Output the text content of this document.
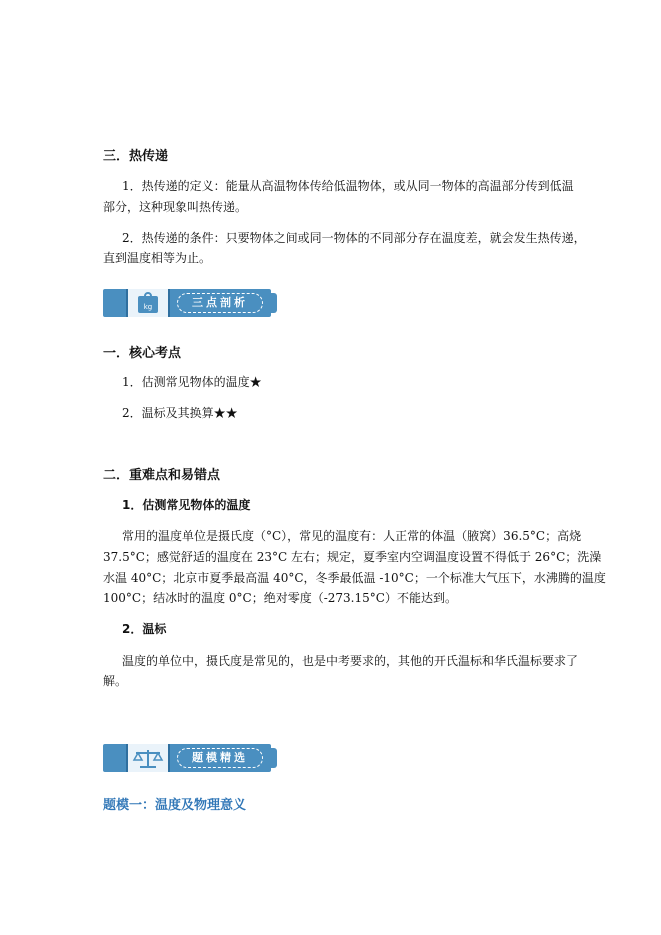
三．热传递
1．热传递的定义：能量从高温物体传给低温物体，或从同一物体的高温部分传到低温
部分，这种现象叫热传递。
2．热传递的条件：只要物体之间或同一物体的不同部分存在温度差，就会发生热传递，
直到温度相等为止。
kg	三点剖析
一．核心考点
1．估测常见物体的温度★
2．温标及其换算★★
二．重难点和易错点
1．估测常见物体的温度
常用的温度单位是摄氏度（°C），常见的温度有：人正常的体温（腋窝）36.5°C；高烧
37.5°C；感觉舒适的温度在 23°C 左右；规定，夏季室内空调温度设置不得低于 26°C；洗澡
水温 40°C；北京市夏季最高温 40°C，冬季最低温 -10°C；一个标准大气压下，水沸腾的温度
100°C；结冰时的温度 0°C；绝对零度（-273.15°C）不能达到。
2．温标
温度的单位中，摄氏度是常见的，也是中考要求的，其他的开氏温标和华氏温标要求了
解。
题模精选
题模一：温度及物理意义
